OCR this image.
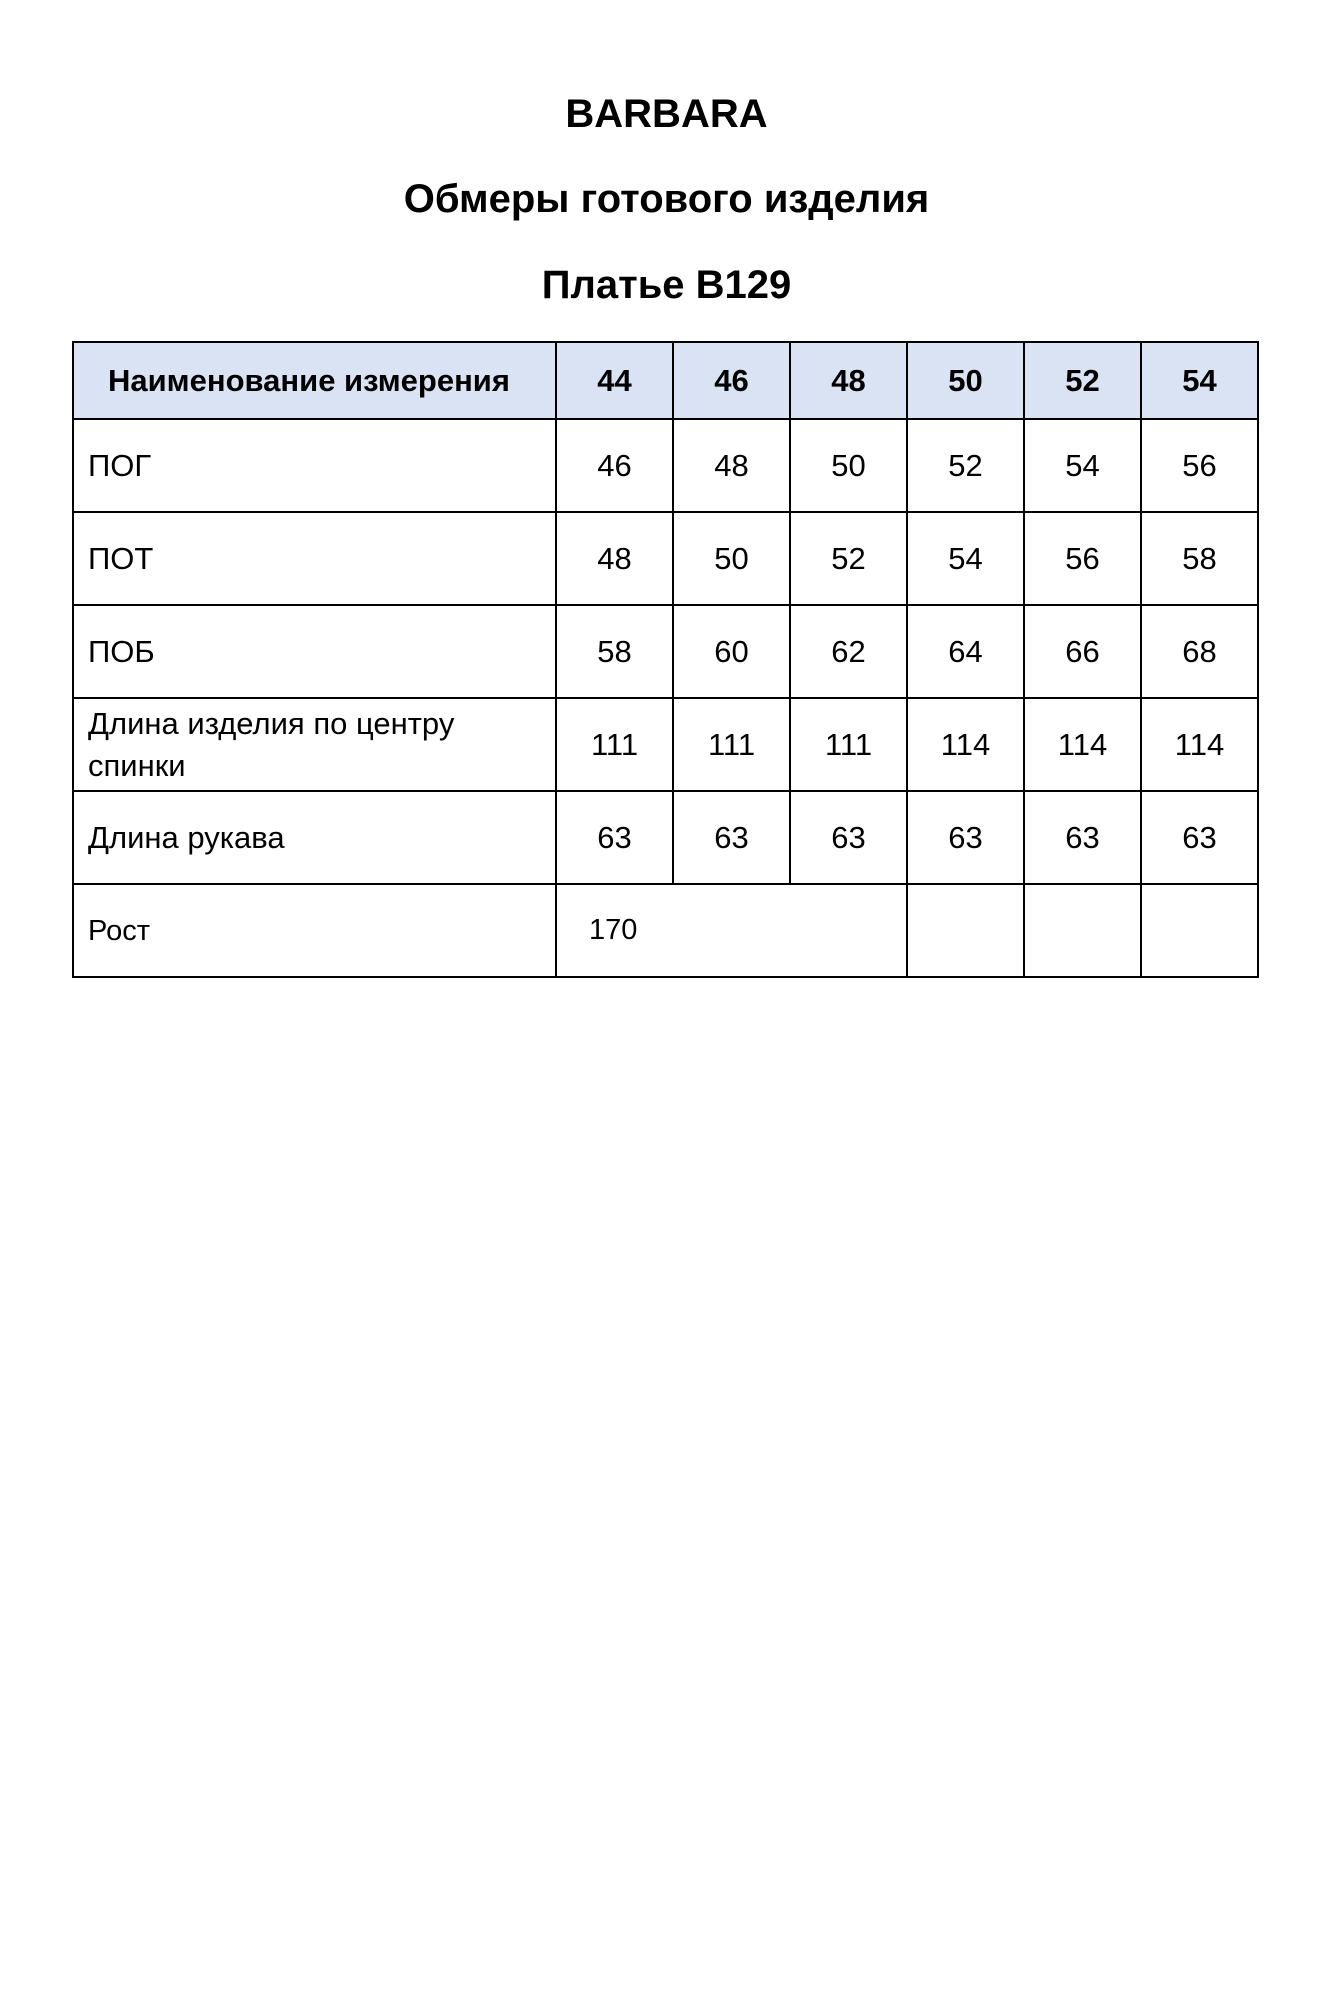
BARBARA
Обмеры готового изделия
Платье B129
Наименование измерения	44	46	48	50	52	54
ПОГ	46	48	50	52	54	56
ПОТ	48	50	52	54	56	58
ПОБ	58	60	62	64	66	68
Длина изделия по центру спинки	111	111	111	114	114	114
Длина рукава	63	63	63	63	63	63
Рост	170					
